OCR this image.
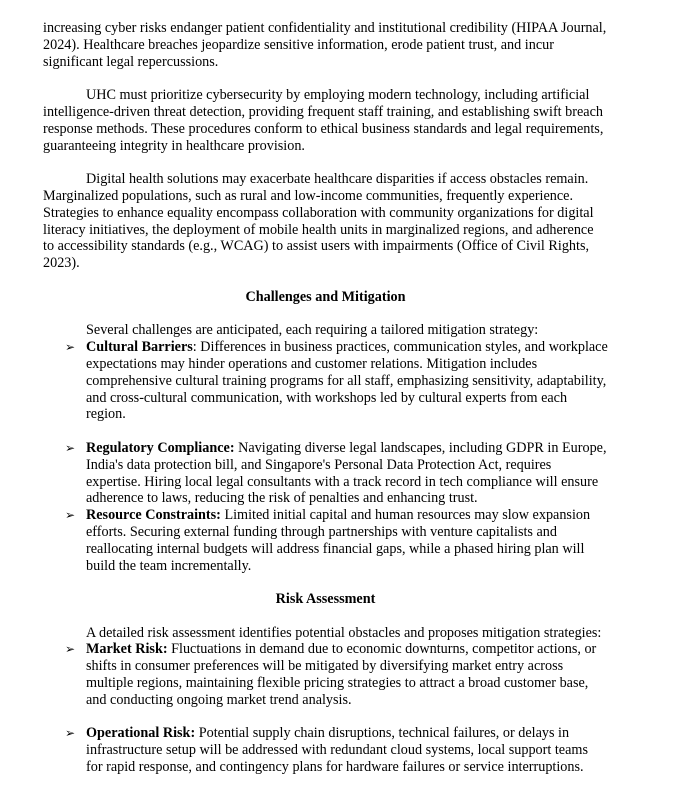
increasing cyber risks endanger patient confidentiality and institutional credibility (HIPAA Journal, 2024). Healthcare breaches jeopardize sensitive information, erode patient trust, and incur significant legal repercussions.

UHC must prioritize cybersecurity by employing modern technology, including artificial intelligence-driven threat detection, providing frequent staff training, and establishing swift breach response methods. These procedures conform to ethical business standards and legal requirements, guaranteeing integrity in healthcare provision.

Digital health solutions may exacerbate healthcare disparities if access obstacles remain. Marginalized populations, such as rural and low-income communities, frequently experience. Strategies to enhance equality encompass collaboration with community organizations for digital literacy initiatives, the deployment of mobile health units in marginalized regions, and adherence to accessibility standards (e.g., WCAG) to assist users with impairments (Office of Civil Rights, 2023).

Challenges and Mitigation

Several challenges are anticipated, each requiring a tailored mitigation strategy:

➢ Cultural Barriers: Differences in business practices, communication styles, and workplace expectations may hinder operations and customer relations. Mitigation includes comprehensive cultural training programs for all staff, emphasizing sensitivity, adaptability, and cross-cultural communication, with workshops led by cultural experts from each region.
➢ Regulatory Compliance: Navigating diverse legal landscapes, including GDPR in Europe, India's data protection bill, and Singapore's Personal Data Protection Act, requires expertise. Hiring local legal consultants with a track record in tech compliance will ensure adherence to laws, reducing the risk of penalties and enhancing trust.
➢ Resource Constraints: Limited initial capital and human resources may slow expansion efforts. Securing external funding through partnerships with venture capitalists and reallocating internal budgets will address financial gaps, while a phased hiring plan will build the team incrementally.

Risk Assessment

A detailed risk assessment identifies potential obstacles and proposes mitigation strategies:

➢ Market Risk: Fluctuations in demand due to economic downturns, competitor actions, or shifts in consumer preferences will be mitigated by diversifying market entry across multiple regions, maintaining flexible pricing strategies to attract a broad customer base, and conducting ongoing market trend analysis.
➢ Operational Risk: Potential supply chain disruptions, technical failures, or delays in infrastructure setup will be addressed with redundant cloud systems, local support teams for rapid response, and contingency plans for hardware failures or service interruptions.
